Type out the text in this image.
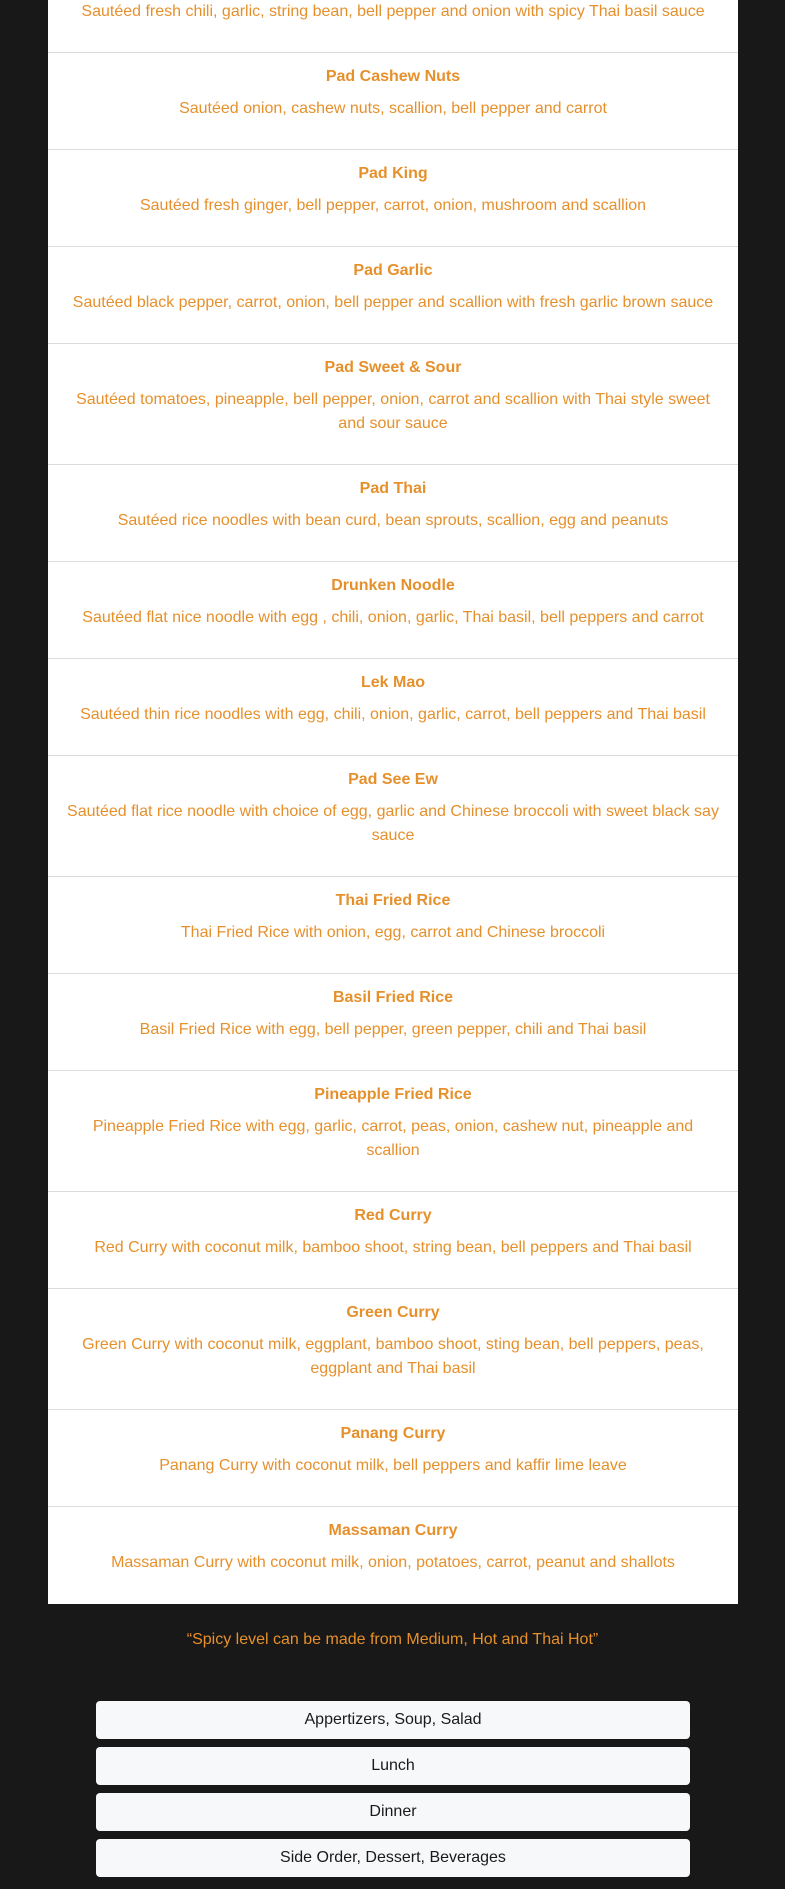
Sautéed fresh chili, garlic, string bean, bell pepper and onion with spicy Thai basil sauce
Pad Cashew Nuts
Sautéed onion, cashew nuts, scallion, bell pepper and carrot
Pad King
Sautéed fresh ginger, bell pepper, carrot, onion, mushroom and scallion
Pad Garlic
Sautéed black pepper, carrot, onion, bell pepper and scallion with fresh garlic brown sauce
Pad Sweet & Sour
Sautéed tomatoes, pineapple, bell pepper, onion, carrot and scallion with Thai style sweet and sour sauce
Pad Thai
Sautéed rice noodles with bean curd, bean sprouts, scallion, egg and peanuts
Drunken Noodle
Sautéed flat nice noodle with egg , chili, onion, garlic, Thai basil, bell peppers and carrot
Lek Mao
Sautéed thin rice noodles with egg, chili, onion, garlic, carrot, bell peppers and Thai basil
Pad See Ew
Sautéed flat rice noodle with choice of egg, garlic and Chinese broccoli with sweet black say sauce
Thai Fried Rice
Thai Fried Rice with onion, egg, carrot and Chinese broccoli
Basil Fried Rice
Basil Fried Rice with egg, bell pepper, green pepper, chili and Thai basil
Pineapple Fried Rice
Pineapple Fried Rice with egg, garlic, carrot, peas, onion, cashew nut, pineapple and scallion
Red Curry
Red Curry with coconut milk, bamboo shoot, string bean, bell peppers and Thai basil
Green Curry
Green Curry with coconut milk, eggplant, bamboo shoot, sting bean, bell peppers, peas, eggplant and Thai basil
Panang Curry
Panang Curry with coconut milk, bell peppers and kaffir lime leave
Massaman Curry
Massaman Curry with coconut milk, onion, potatoes, carrot, peanut and shallots
“Spicy level can be made from Medium, Hot and Thai Hot”
Appertizers, Soup, Salad
Lunch
Dinner
Side Order, Dessert, Beverages
